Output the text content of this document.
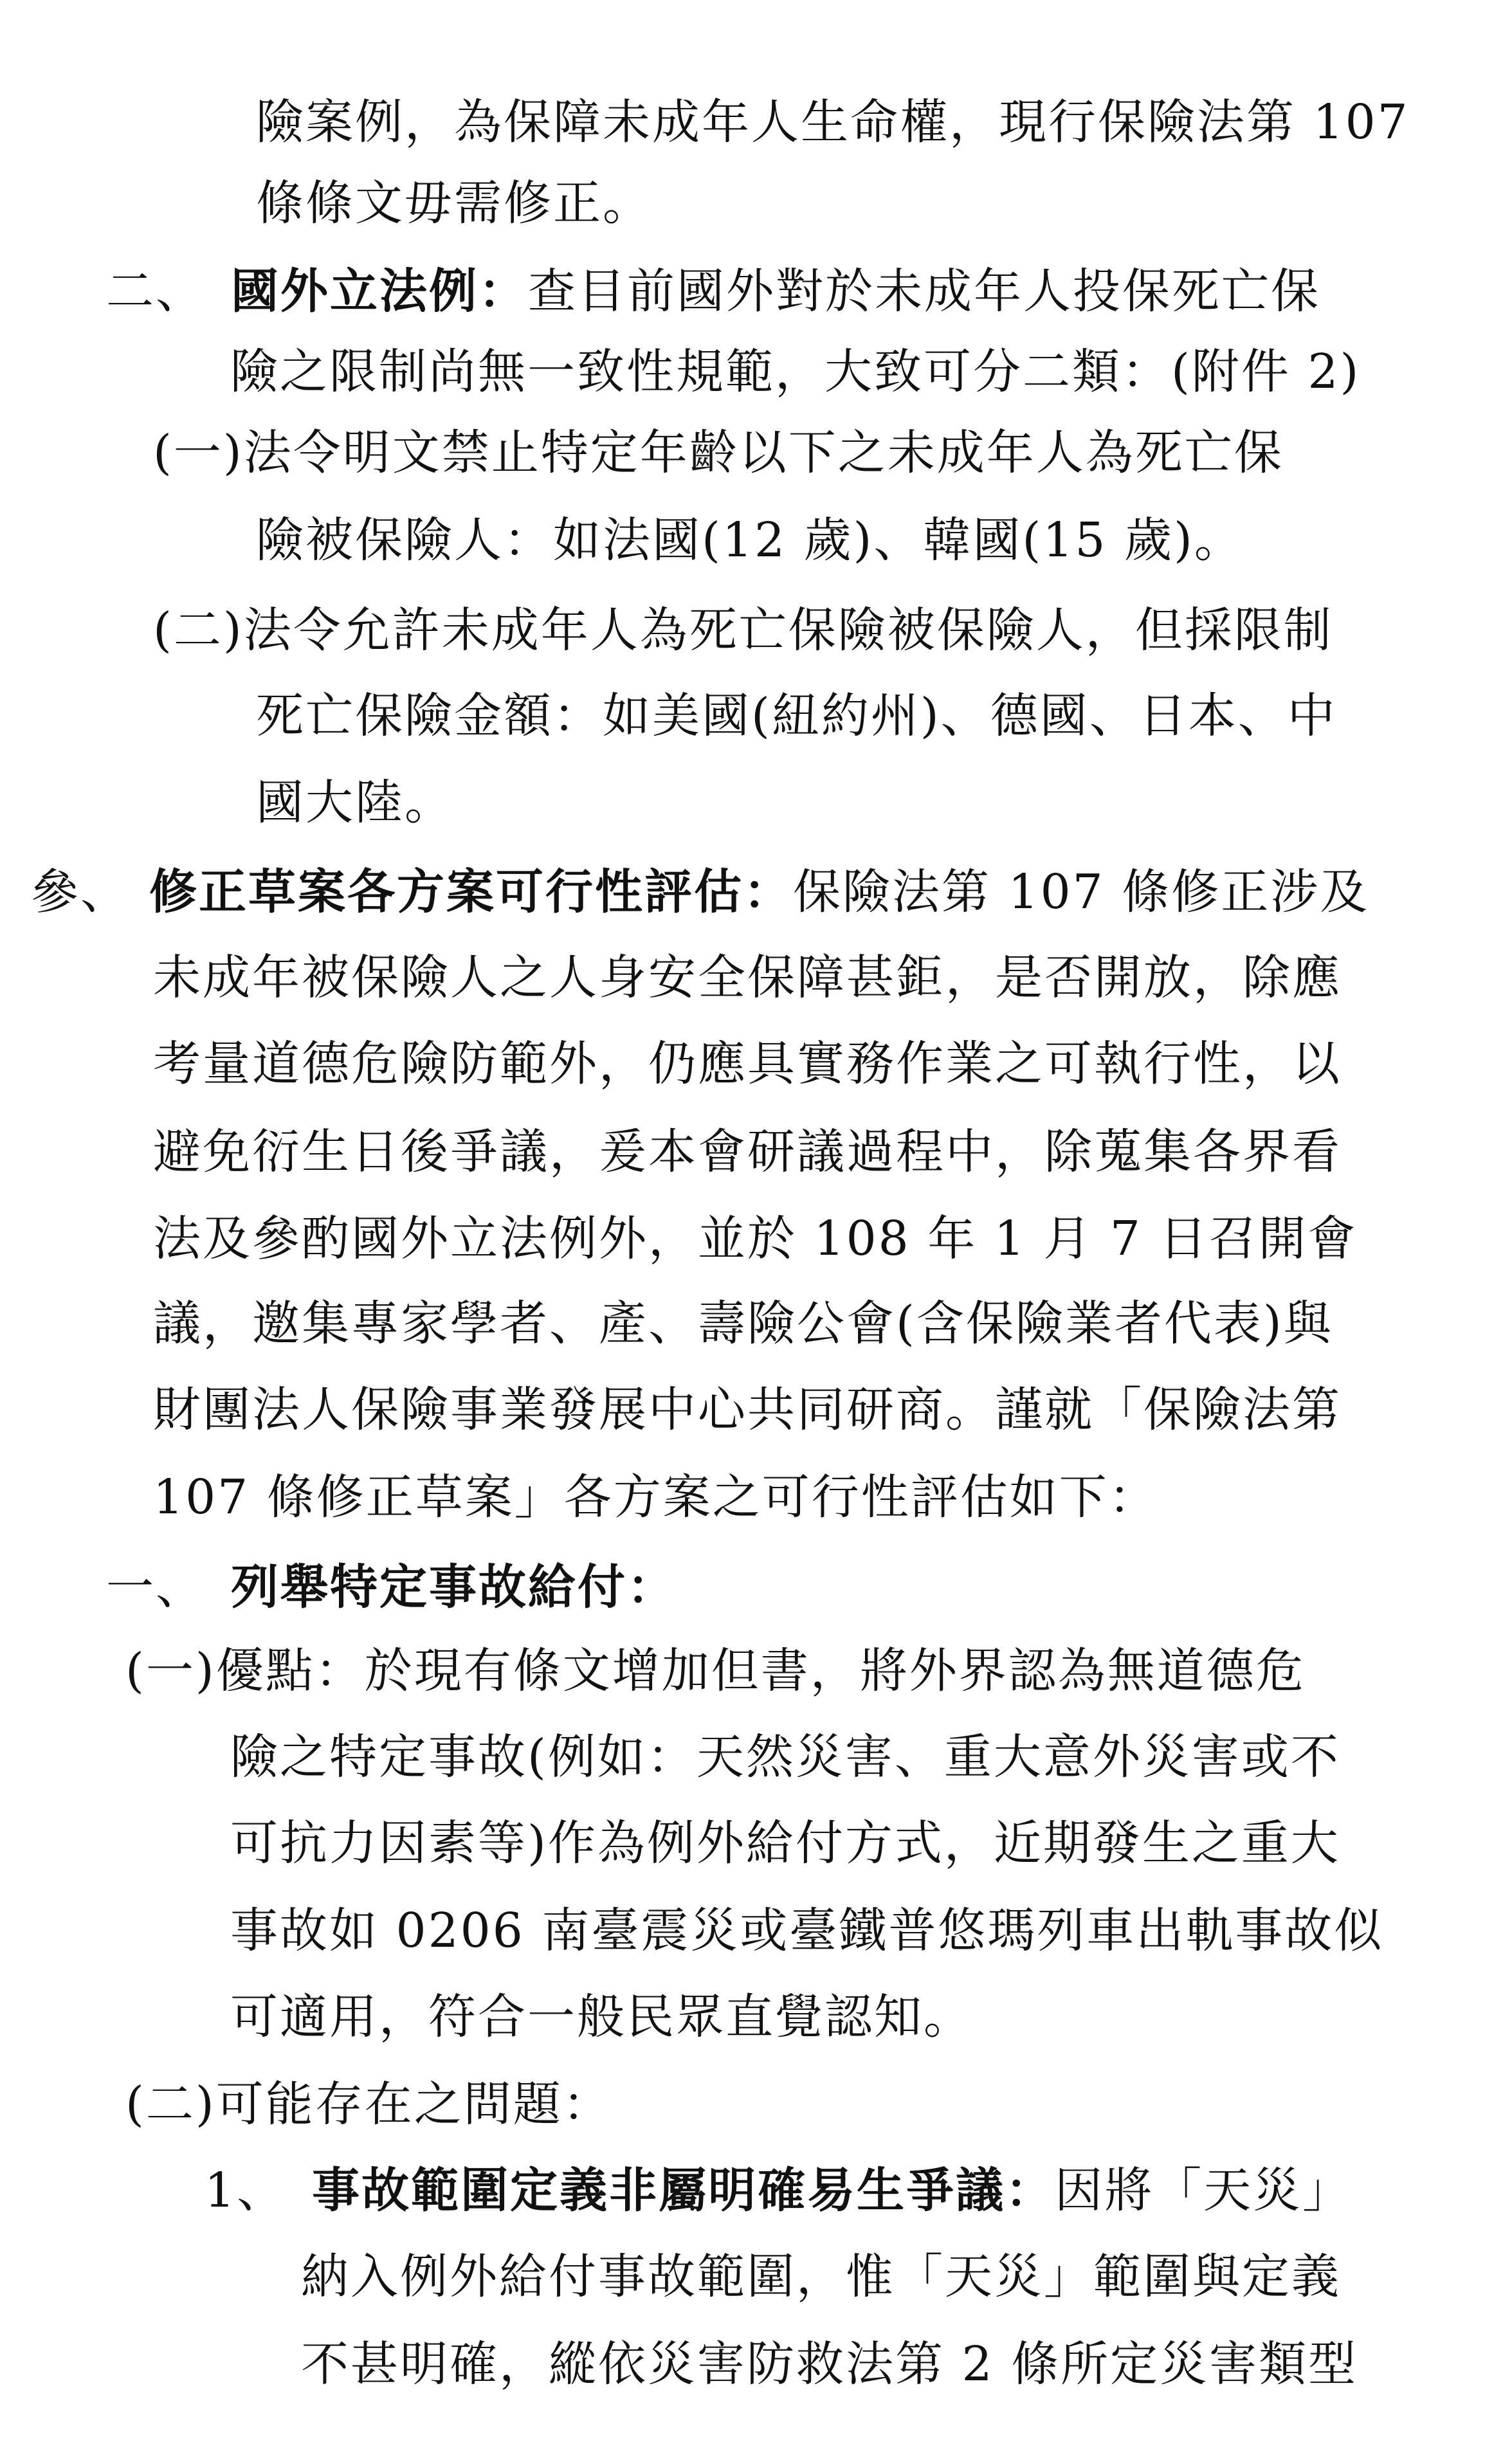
險案例，為保障未成年人生命權，現行保險法第 107
條條文毋需修正。
二、 國外立法例：查目前國外對於未成年人投保死亡保
險之限制尚無一致性規範，大致可分二類：(附件 2)
(一)法令明文禁止特定年齡以下之未成年人為死亡保
險被保險人：如法國(12 歲)、韓國(15 歲)。
(二)法令允許未成年人為死亡保險被保險人，但採限制
死亡保險金額：如美國(紐約州)、德國、日本、中
國大陸。
參、 修正草案各方案可行性評估：保險法第 107 條修正涉及
未成年被保險人之人身安全保障甚鉅，是否開放，除應
考量道德危險防範外，仍應具實務作業之可執行性，以
避免衍生日後爭議，爰本會研議過程中，除蒐集各界看
法及參酌國外立法例外，並於 108 年 1 月 7 日召開會
議，邀集專家學者、產、壽險公會(含保險業者代表)與
財團法人保險事業發展中心共同研商。謹就「保險法第
107 條修正草案」各方案之可行性評估如下：
一、 列舉特定事故給付：
(一)優點：於現有條文增加但書，將外界認為無道德危
險之特定事故(例如：天然災害、重大意外災害或不
可抗力因素等)作為例外給付方式，近期發生之重大
事故如 0206 南臺震災或臺鐵普悠瑪列車出軌事故似
可適用，符合一般民眾直覺認知。
(二)可能存在之問題：
1、 事故範圍定義非屬明確易生爭議：因將「天災」
納入例外給付事故範圍，惟「天災」範圍與定義
不甚明確，縱依災害防救法第 2 條所定災害類型
